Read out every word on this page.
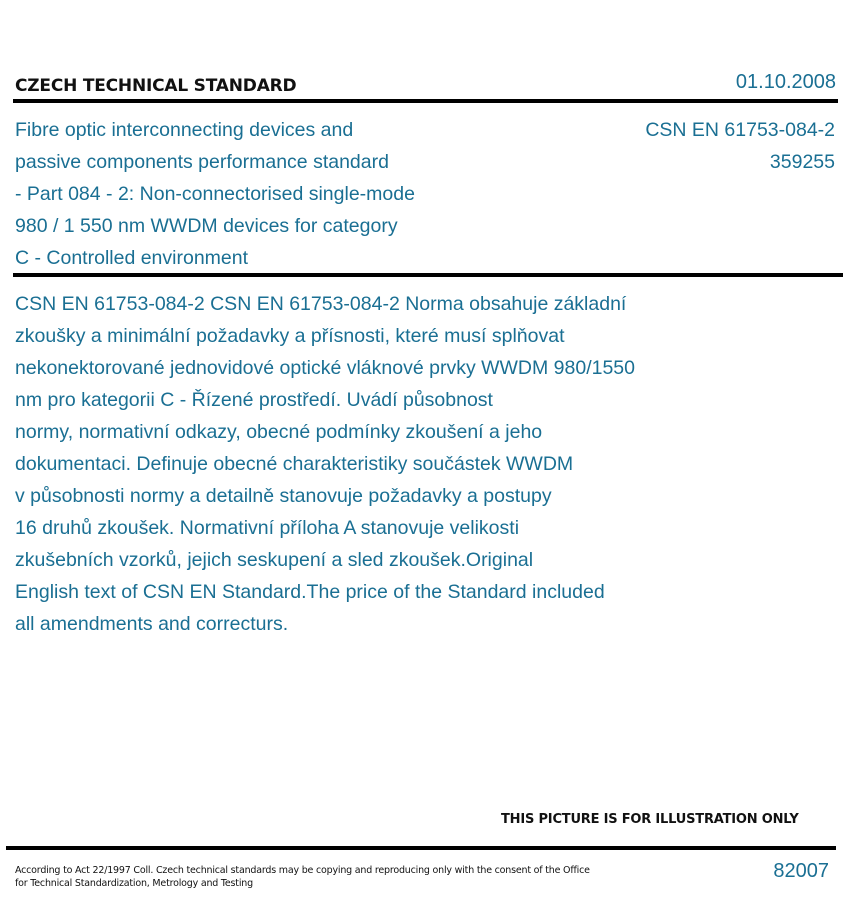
CZECH TECHNICAL STANDARD	01.10.2008
Fibre optic interconnecting devices and
passive components performance standard
- Part 084 - 2: Non-connectorised single-mode
980 / 1 550 nm WWDM devices for category
C - Controlled environment
CSN EN 61753-084-2
359255
CSN EN 61753-084-2 CSN EN 61753-084-2 Norma obsahuje základní
zkoušky a minimální požadavky a přísnosti, které musí splňovat
nekonektorované jednovidové optické vláknové prvky WWDM 980/1550
nm pro kategorii C - Řízené prostředí. Uvádí působnost
normy, normativní odkazy, obecné podmínky zkoušení a jeho
dokumentaci. Definuje obecné charakteristiky součástek WWDM
v působnosti normy a detailně stanovuje požadavky a postupy
16 druhů zkoušek. Normativní příloha A stanovuje velikosti
zkušebních vzorků, jejich seskupení a sled zkoušek.Original
English text of CSN EN Standard.The price of the Standard included
all amendments and correcturs.
THIS PICTURE IS FOR ILLUSTRATION ONLY
According to Act 22/1997 Coll. Czech technical standards may be copying and reproducing only with the consent of the Office
for Technical Standardization, Metrology and Testing
82007
